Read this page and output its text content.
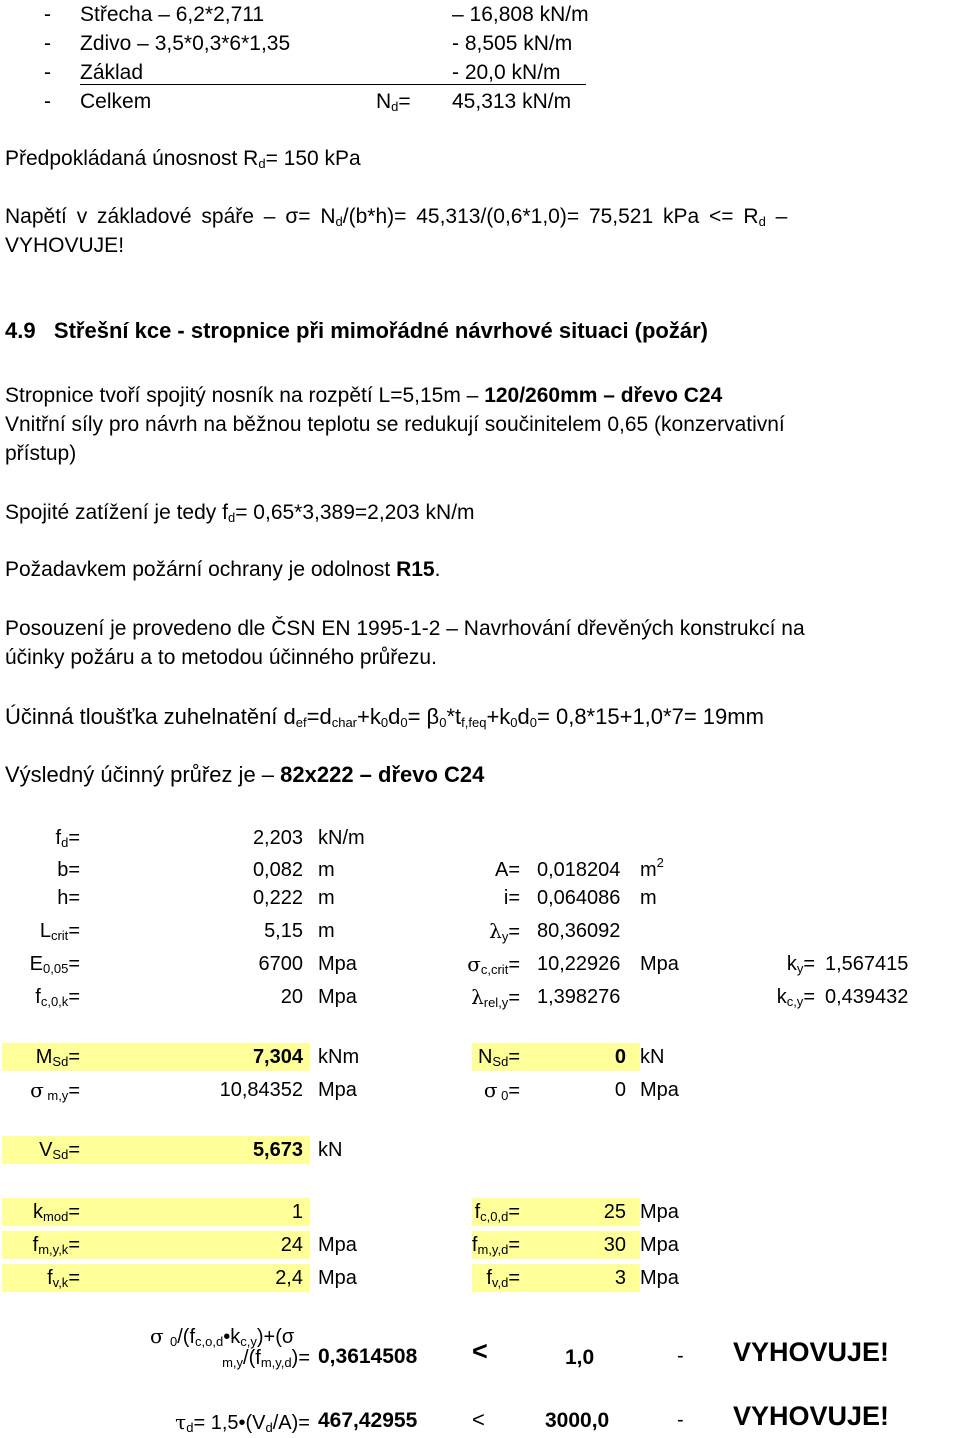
- Střecha – 6,2*2,711	– 16,808 kN/m
- Zdivo – 3,5*0,3*6*1,35	- 8,505 kN/m
- Základ	- 20,0 kN/m
- Celkem	$N_d= 45,313$ kN/m
Předpokládaná únosnost $R_d= 150$ kPa
Napětí v základové spáře – $\sigma= N_d/(b*h)= 45,313/(0,6*1,0)= 75,521$ kPa <= $R_d$ –
VYHOVUJE!
4.9   Střešní kce - stropnice při mimořádné návrhové situaci (požár)
Stropnice tvoří spojitý nosník na rozpětí L=5,15m – 120/260mm – dřevo C24
Vnitřní síly pro návrh na běžnou teplotu se redukují součinitelem 0,65 (konzervativní
přístup)
Spojité zatížení je tedy $f_d= 0,65*3,389=2,203$ kN/m
Požadavkem požární ochrany je odolnost R15.
Posouzení je provedeno dle ČSN EN 1995-1-2 – Navrhování dřevěných konstrukcí na
účinky požáru a to metodou účinného průřezu.
Účinná tloušťka zuhelnatění $d_{ef}=d_{char}+k_0d_0= \beta_0*t_{f,feq}+k_0d_0= 0,8*15+1,0*7= 19mm$
Výsledný účinný průřez je – 82x222 – dřevo C24
$f_d=$	2,203 kN/m
b=	0,082 m	A= 0,018204 $m^2$
h=	0,222 m	i= 0,064086 m
$L_{crit}=$	5,15 m	$\lambda_y= 80,36092$
$E_{0,05}=$	6700 Mpa	$\sigma_{c,crit}= 10,22926$ Mpa	$k_y= 1,567415$
$f_{c,0,k}=$	20 Mpa	$\lambda_{rel,y}= 1,398276$	$k_{c,y}= 0,439432$
$M_{Sd}=$	7,304 kNm	$N_{Sd}=$	0 kN
σ $_{m,y}$=	10,84352 Mpa	σ $_0$=	0 Mpa
$V_{Sd}=$	5,673 kN
$k_{mod}=$	1	$f_{c,0,d}=$	25 Mpa
$f_{m,y,k}=$	24 Mpa	$f_{m,y,d}=$	30 Mpa
$f_{v,k}=$	2,4 Mpa	$f_{v,d}=$	3 Mpa
σ $_0/(f_{c,o,d}•k_{c,y})+(\sigma$
$_{m,y}/(f_{m,y,d})= 0,3614508$ <	1,0	- VYHOVUJE!
$\tau_d=$ $1,5•(V_d/A)= 467,42955$ <	3000,0	- VYHOVUJE!
